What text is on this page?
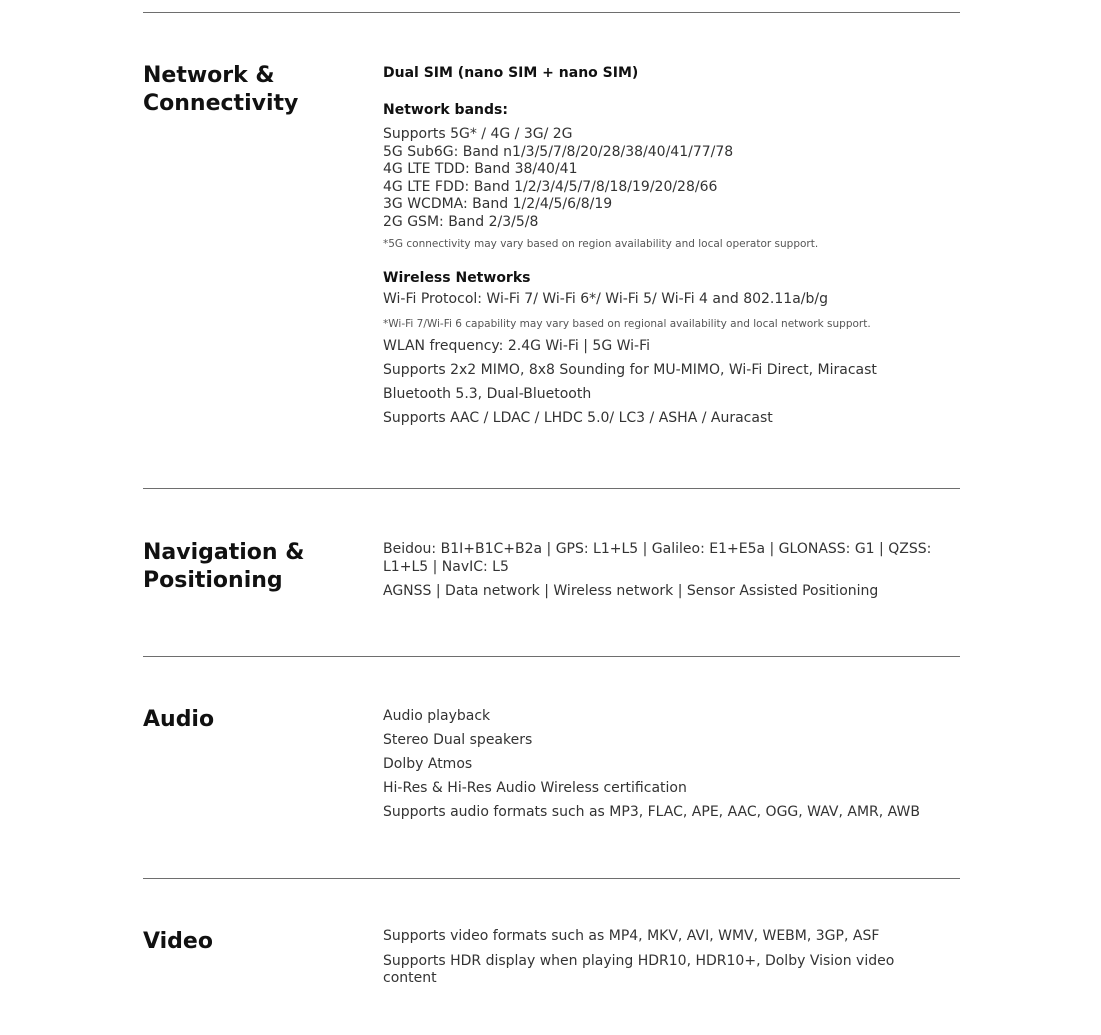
Network &
Connectivity

Dual SIM (nano SIM + nano SIM)

Network bands:

Supports 5G* / 4G / 3G/ 2G

5G Sub6G: Band n1/3/5/7/8/20/28/38/40/41/77/78

4G LTE TDD: Band 38/40/41

4G LTE FDD: Band 1/2/3/4/5/7/8/18/19/20/28/66

3G WCDMA: Band 1/2/4/5/6/8/19

2G GSM: Band 2/3/5/8

*5G connectivity may vary based on region availability and local operator support.

Wireless Networks

Wi-Fi Protocol: Wi-Fi 7/ Wi-Fi 6*/ Wi-Fi 5/ Wi-Fi 4 and 802.11a/b/g

*Wi-Fi 7/Wi-Fi 6 capability may vary based on regional availability and local network support.

WLAN frequency: 2.4G Wi-Fi | 5G Wi-Fi

Supports 2x2 MIMO, 8x8 Sounding for MU-MIMO, Wi-Fi Direct, Miracast

Bluetooth 5.3, Dual-Bluetooth

Supports AAC / LDAC / LHDC 5.0/ LC3 / ASHA / Auracast

Navigation &
Positioning

Beidou: B1I+B1C+B2a | GPS: L1+L5 | Galileo: E1+E5a | GLONASS: G1 | QZSS:

L1+L5 | NavIC: L5

AGNSS | Data network | Wireless network | Sensor Assisted Positioning

Audio	Audio playback

Stereo Dual speakers

Dolby Atmos

Hi-Res & Hi-Res Audio Wireless certification

Supports audio formats such as MP3, FLAC, APE, AAC, OGG, WAV, AMR, AWB

Video	Supports video formats such as MP4, MKV, AVI, WMV, WEBM, 3GP, ASF

Supports HDR display when playing HDR10, HDR10+, Dolby Vision video

content
